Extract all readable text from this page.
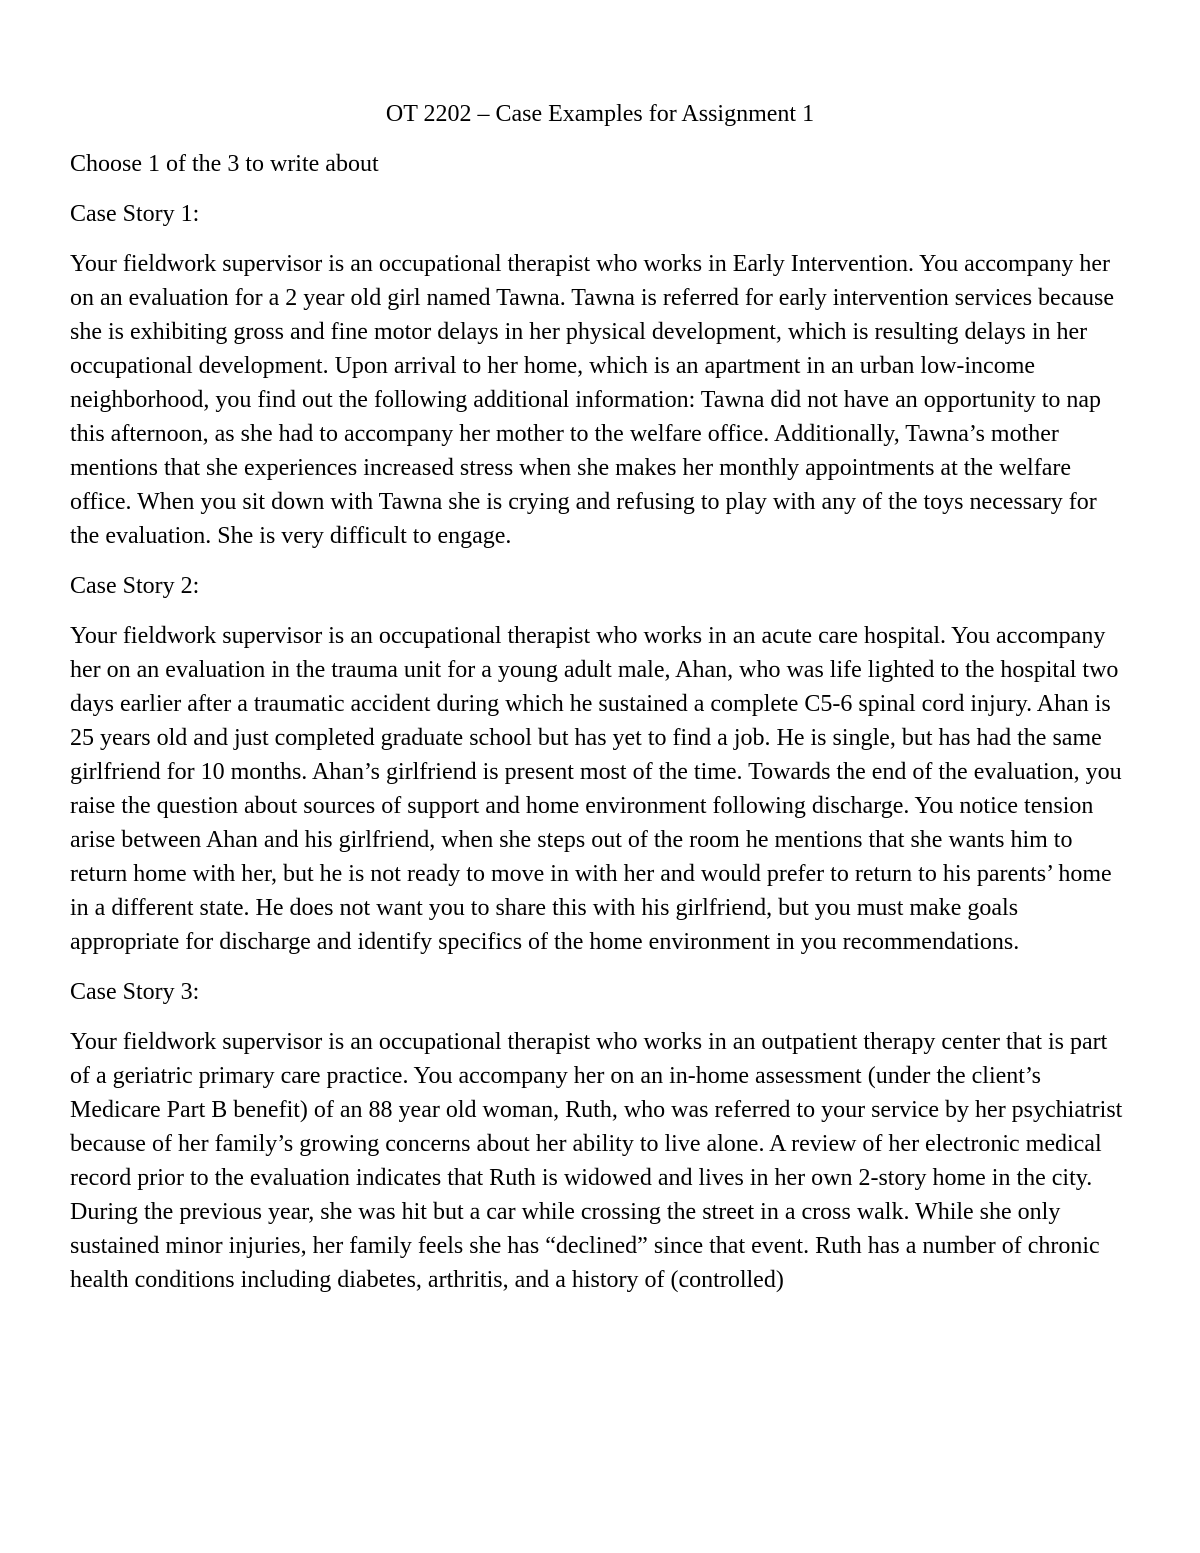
OT 2202 – Case Examples for Assignment 1

Choose 1 of the 3 to write about

Case Story 1:

Your fieldwork supervisor is an occupational therapist who works in Early Intervention. You accompany her on an evaluation for a 2 year old girl named Tawna. Tawna is referred for early intervention services because she is exhibiting gross and fine motor delays in her physical development, which is resulting delays in her occupational development. Upon arrival to her home, which is an apartment in an urban low-income neighborhood, you find out the following additional information: Tawna did not have an opportunity to nap this afternoon, as she had to accompany her mother to the welfare office. Additionally, Tawna’s mother mentions that she experiences increased stress when she makes her monthly appointments at the welfare office. When you sit down with Tawna she is crying and refusing to play with any of the toys necessary for the evaluation. She is very difficult to engage.

Case Story 2:

Your fieldwork supervisor is an occupational therapist who works in an acute care hospital. You accompany her on an evaluation in the trauma unit for a young adult male, Ahan, who was life lighted to the hospital two days earlier after a traumatic accident during which he sustained a complete C5-6 spinal cord injury. Ahan is 25 years old and just completed graduate school but has yet to find a job. He is single, but has had the same girlfriend for 10 months. Ahan’s girlfriend is present most of the time. Towards the end of the evaluation, you raise the question about sources of support and home environment following discharge. You notice tension arise between Ahan and his girlfriend, when she steps out of the room he mentions that she wants him to return home with her, but he is not ready to move in with her and would prefer to return to his parents’ home in a different state. He does not want you to share this with his girlfriend, but you must make goals appropriate for discharge and identify specifics of the home environment in you recommendations.

Case Story 3:

Your fieldwork supervisor is an occupational therapist who works in an outpatient therapy center that is part of a geriatric primary care practice. You accompany her on an in-home assessment (under the client’s Medicare Part B benefit) of an 88 year old woman, Ruth, who was referred to your service by her psychiatrist because of her family’s growing concerns about her ability to live alone. A review of her electronic medical record prior to the evaluation indicates that Ruth is widowed and lives in her own 2-story home in the city. During the previous year, she was hit but a car while crossing the street in a cross walk. While she only sustained minor injuries, her family feels she has “declined” since that event. Ruth has a number of chronic health conditions including diabetes, arthritis, and a history of (controlled)
